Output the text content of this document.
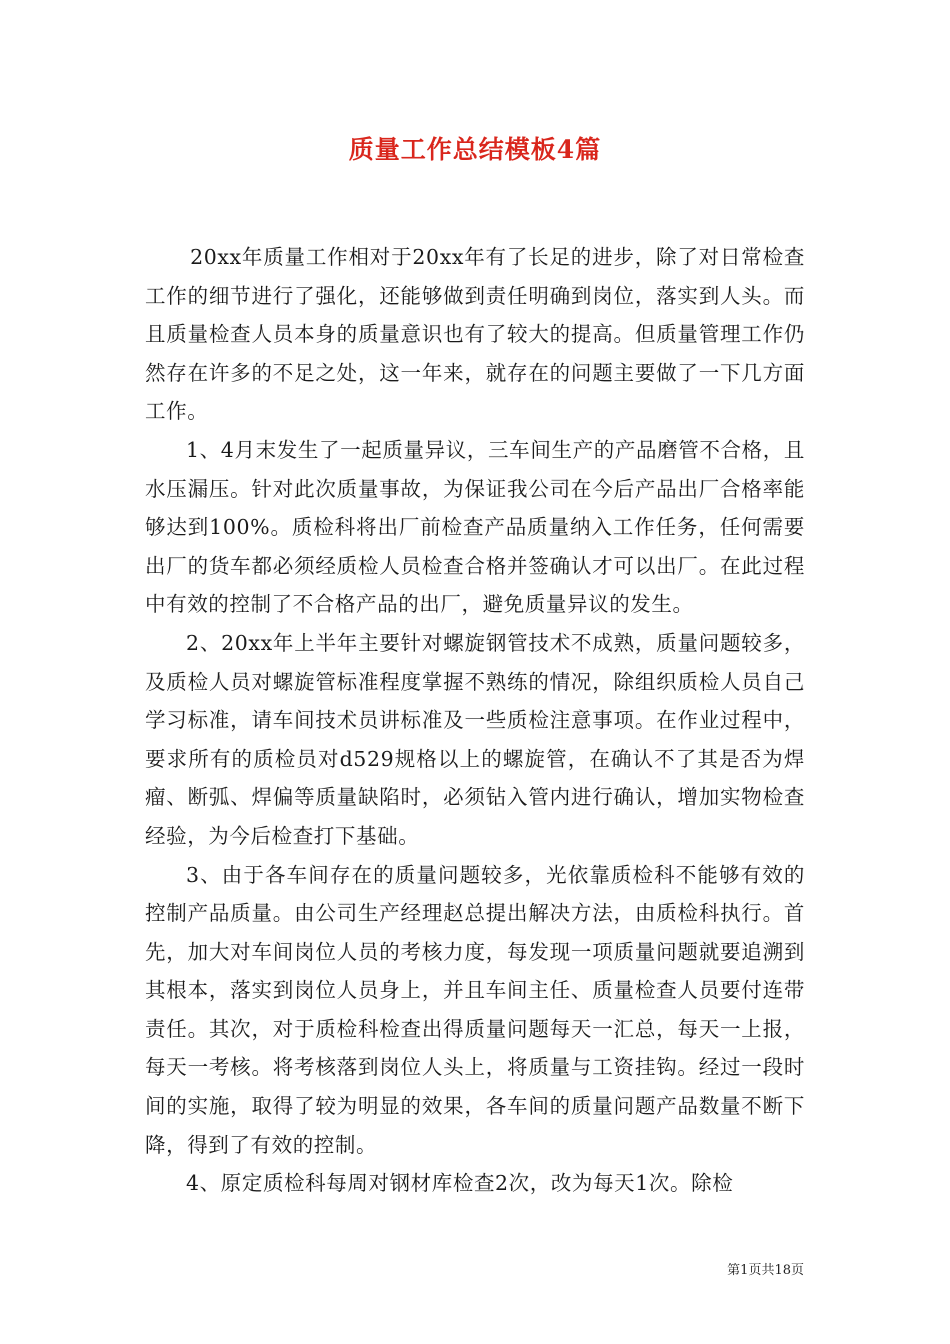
质量工作总结模板4篇

20xx年质量工作相对于20xx年有了长足的进步，除了对日常检查工作的细节进行了强化，还能够做到责任明确到岗位，落实到人头。而且质量检查人员本身的质量意识也有了较大的提高。但质量管理工作仍然存在许多的不足之处，这一年来，就存在的问题主要做了一下几方面工作。

1、4月末发生了一起质量异议，三车间生产的产品磨管不合格，且水压漏压。针对此次质量事故，为保证我公司在今后产品出厂合格率能够达到100%。质检科将出厂前检查产品质量纳入工作任务，任何需要出厂的货车都必须经质检人员检查合格并签确认才可以出厂。在此过程中有效的控制了不合格产品的出厂，避免质量异议的发生。

2、20xx年上半年主要针对螺旋钢管技术不成熟，质量问题较多，及质检人员对螺旋管标准程度掌握不熟练的情况，除组织质检人员自己学习标准，请车间技术员讲标准及一些质检注意事项。在作业过程中，要求所有的质检员对d529规格以上的螺旋管，在确认不了其是否为焊瘤、断弧、焊偏等质量缺陷时，必须钻入管内进行确认，增加实物检查经验，为今后检查打下基础。

3、由于各车间存在的质量问题较多，光依靠质检科不能够有效的控制产品质量。由公司生产经理赵总提出解决方法，由质检科执行。首先，加大对车间岗位人员的考核力度，每发现一项质量问题就要追溯到其根本，落实到岗位人员身上，并且车间主任、质量检查人员要付连带责任。其次，对于质检科检查出得质量问题每天一汇总，每天一上报，每天一考核。将考核落到岗位人头上，将质量与工资挂钩。经过一段时间的实施，取得了较为明显的效果，各车间的质量问题产品数量不断下降，得到了有效的控制。

4、原定质检科每周对钢材库检查2次，改为每天1次。除检

第1页共18页
